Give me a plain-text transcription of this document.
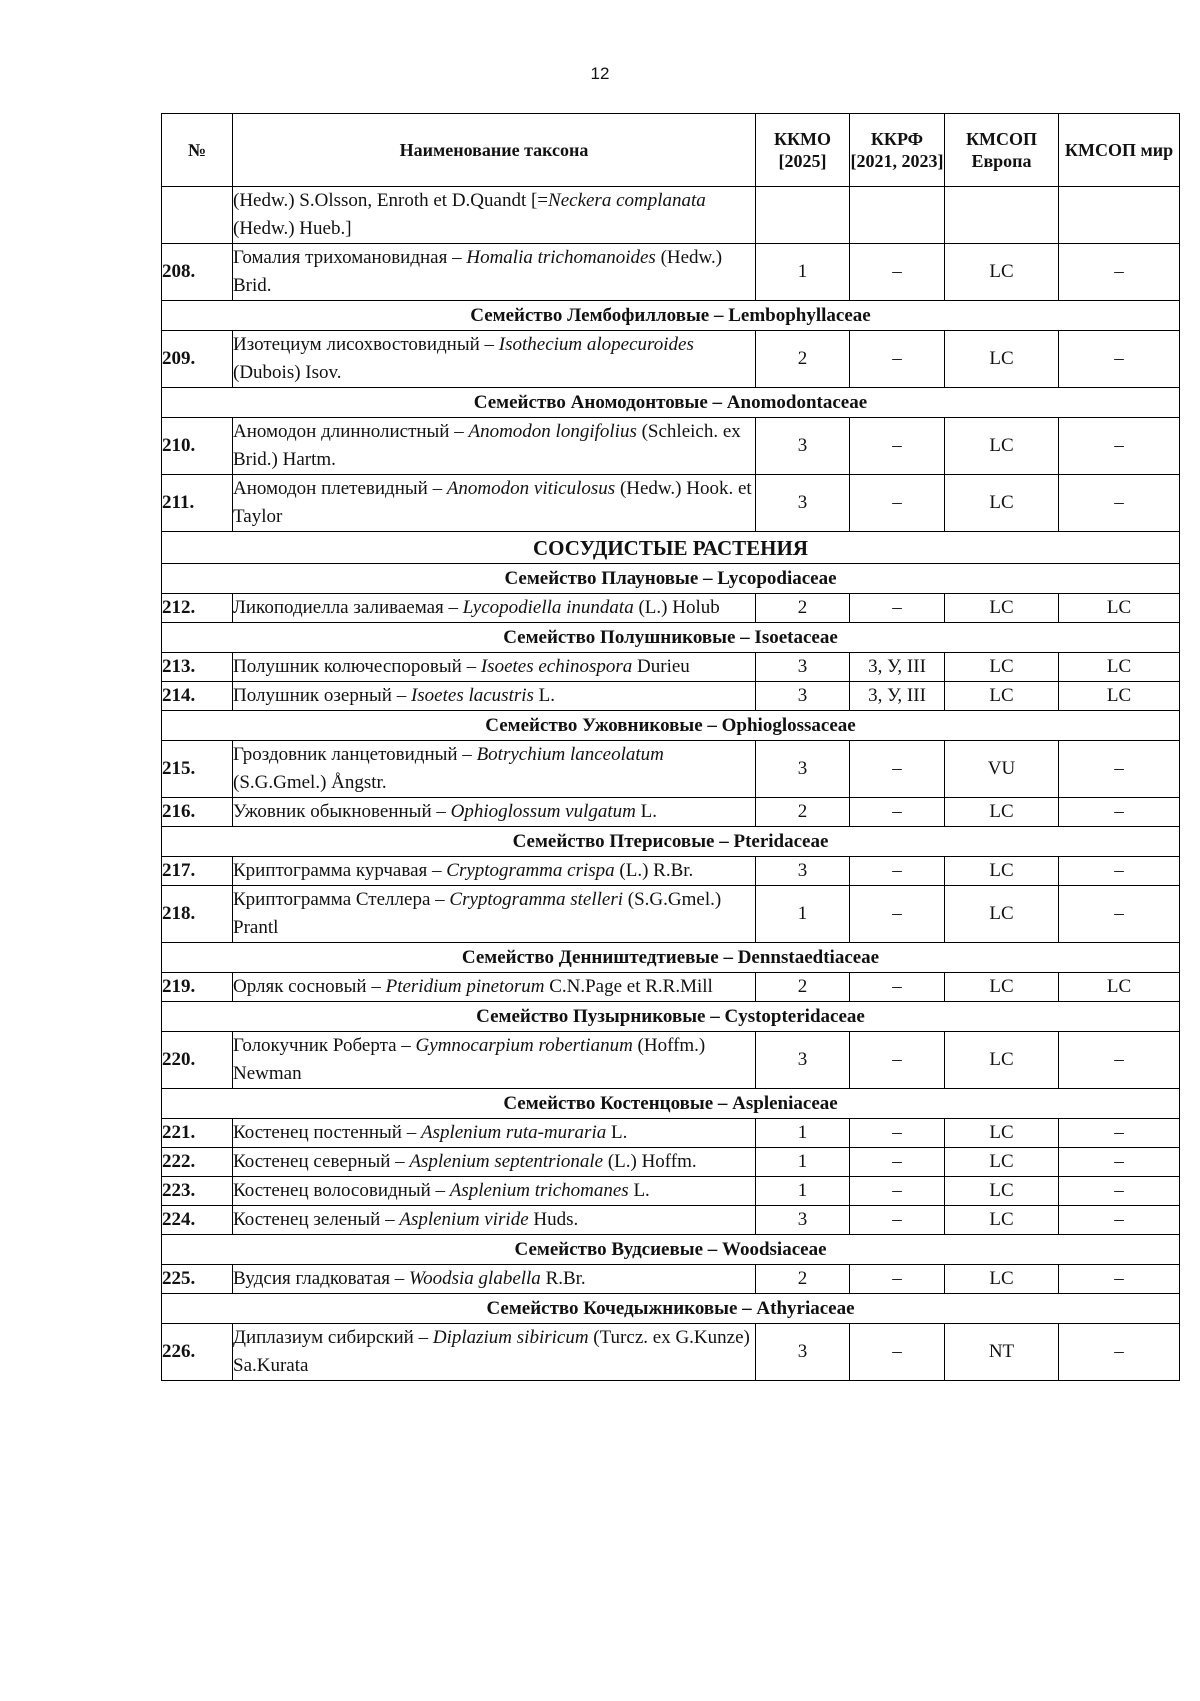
12
№	Наименование таксона	ККМО [2025]	ККРФ [2021, 2023]	КМСОП Европа	КМСОП мир
	(Hedw.) S.Olsson, Enroth et D.Quandt [=Neckera complanata (Hedw.) Hueb.]				
208.	Гомалия трихомановидная – Homalia trichomanoides (Hedw.) Brid.	1	–	LC	–
Семейство Лембофилловые – Lembophyllaceae					
209.	Изотециум лисохвостовидный – Isothecium alopecuroides (Dubois) Isov.	2	–	LC	–
Семейство Аномодонтовые – Anomodontaceae					
210.	Аномодон длиннолистный – Anomodon longifolius (Schleich. ex Brid.) Hartm.	3	–	LC	–
211.	Аномодон плетевидный – Anomodon viticulosus (Hedw.) Hook. et Taylor	3	–	LC	–
СОСУДИСТЫЕ РАСТЕНИЯ					
Семейство Плауновые – Lycopodiaceae					
212.	Ликоподиелла заливаемая – Lycopodiella inundata (L.) Holub	2	–	LC	LC
Семейство Полушниковые – Isoetaceae					
213.	Полушник колючеспоровый – Isoetes echinospora Durieu	3	3, У, III	LC	LC
214.	Полушник озерный – Isoetes lacustris L.	3	3, У, III	LC	LC
Семейство Ужовниковые – Ophioglossaceae					
215.	Гроздовник ланцетовидный – Botrychium lanceolatum (S.G.Gmel.) Ångstr.	3	–	VU	–
216.	Ужовник обыкновенный – Ophioglossum vulgatum L.	2	–	LC	–
Семейство Птерисовые – Pteridaceae					
217.	Криптограмма курчавая – Cryptogramma crispa (L.) R.Br.	3	–	LC	–
218.	Криптограмма Стеллера – Cryptogramma stelleri (S.G.Gmel.) Prantl	1	–	LC	–
Семейство Денништедтиевые – Dennstaedtiaceae					
219.	Орляк сосновый – Pteridium pinetorum C.N.Page et R.R.Mill	2	–	LC	LC
Семейство Пузырниковые – Cystopteridaceae					
220.	Голокучник Роберта – Gymnocarpium robertianum (Hoffm.) Newman	3	–	LC	–
Семейство Костенцовые – Aspleniaceae					
221.	Костенец постенный – Asplenium ruta-muraria L.	1	–	LC	–
222.	Костенец северный – Asplenium septentrionale (L.) Hoffm.	1	–	LC	–
223.	Костенец волосовидный – Asplenium trichomanes L.	1	–	LC	–
224.	Костенец зеленый – Asplenium viride Huds.	3	–	LC	–
Семейство Вудсиевые – Woodsiaceae					
225.	Вудсия гладковатая – Woodsia glabella R.Br.	2	–	LC	–
Семейство Кочедыжниковые – Athyriaceae					
226.	Диплазиум сибирский – Diplazium sibiricum (Turcz. ex G.Kunze) Sa.Kurata	3	–	NT	–
